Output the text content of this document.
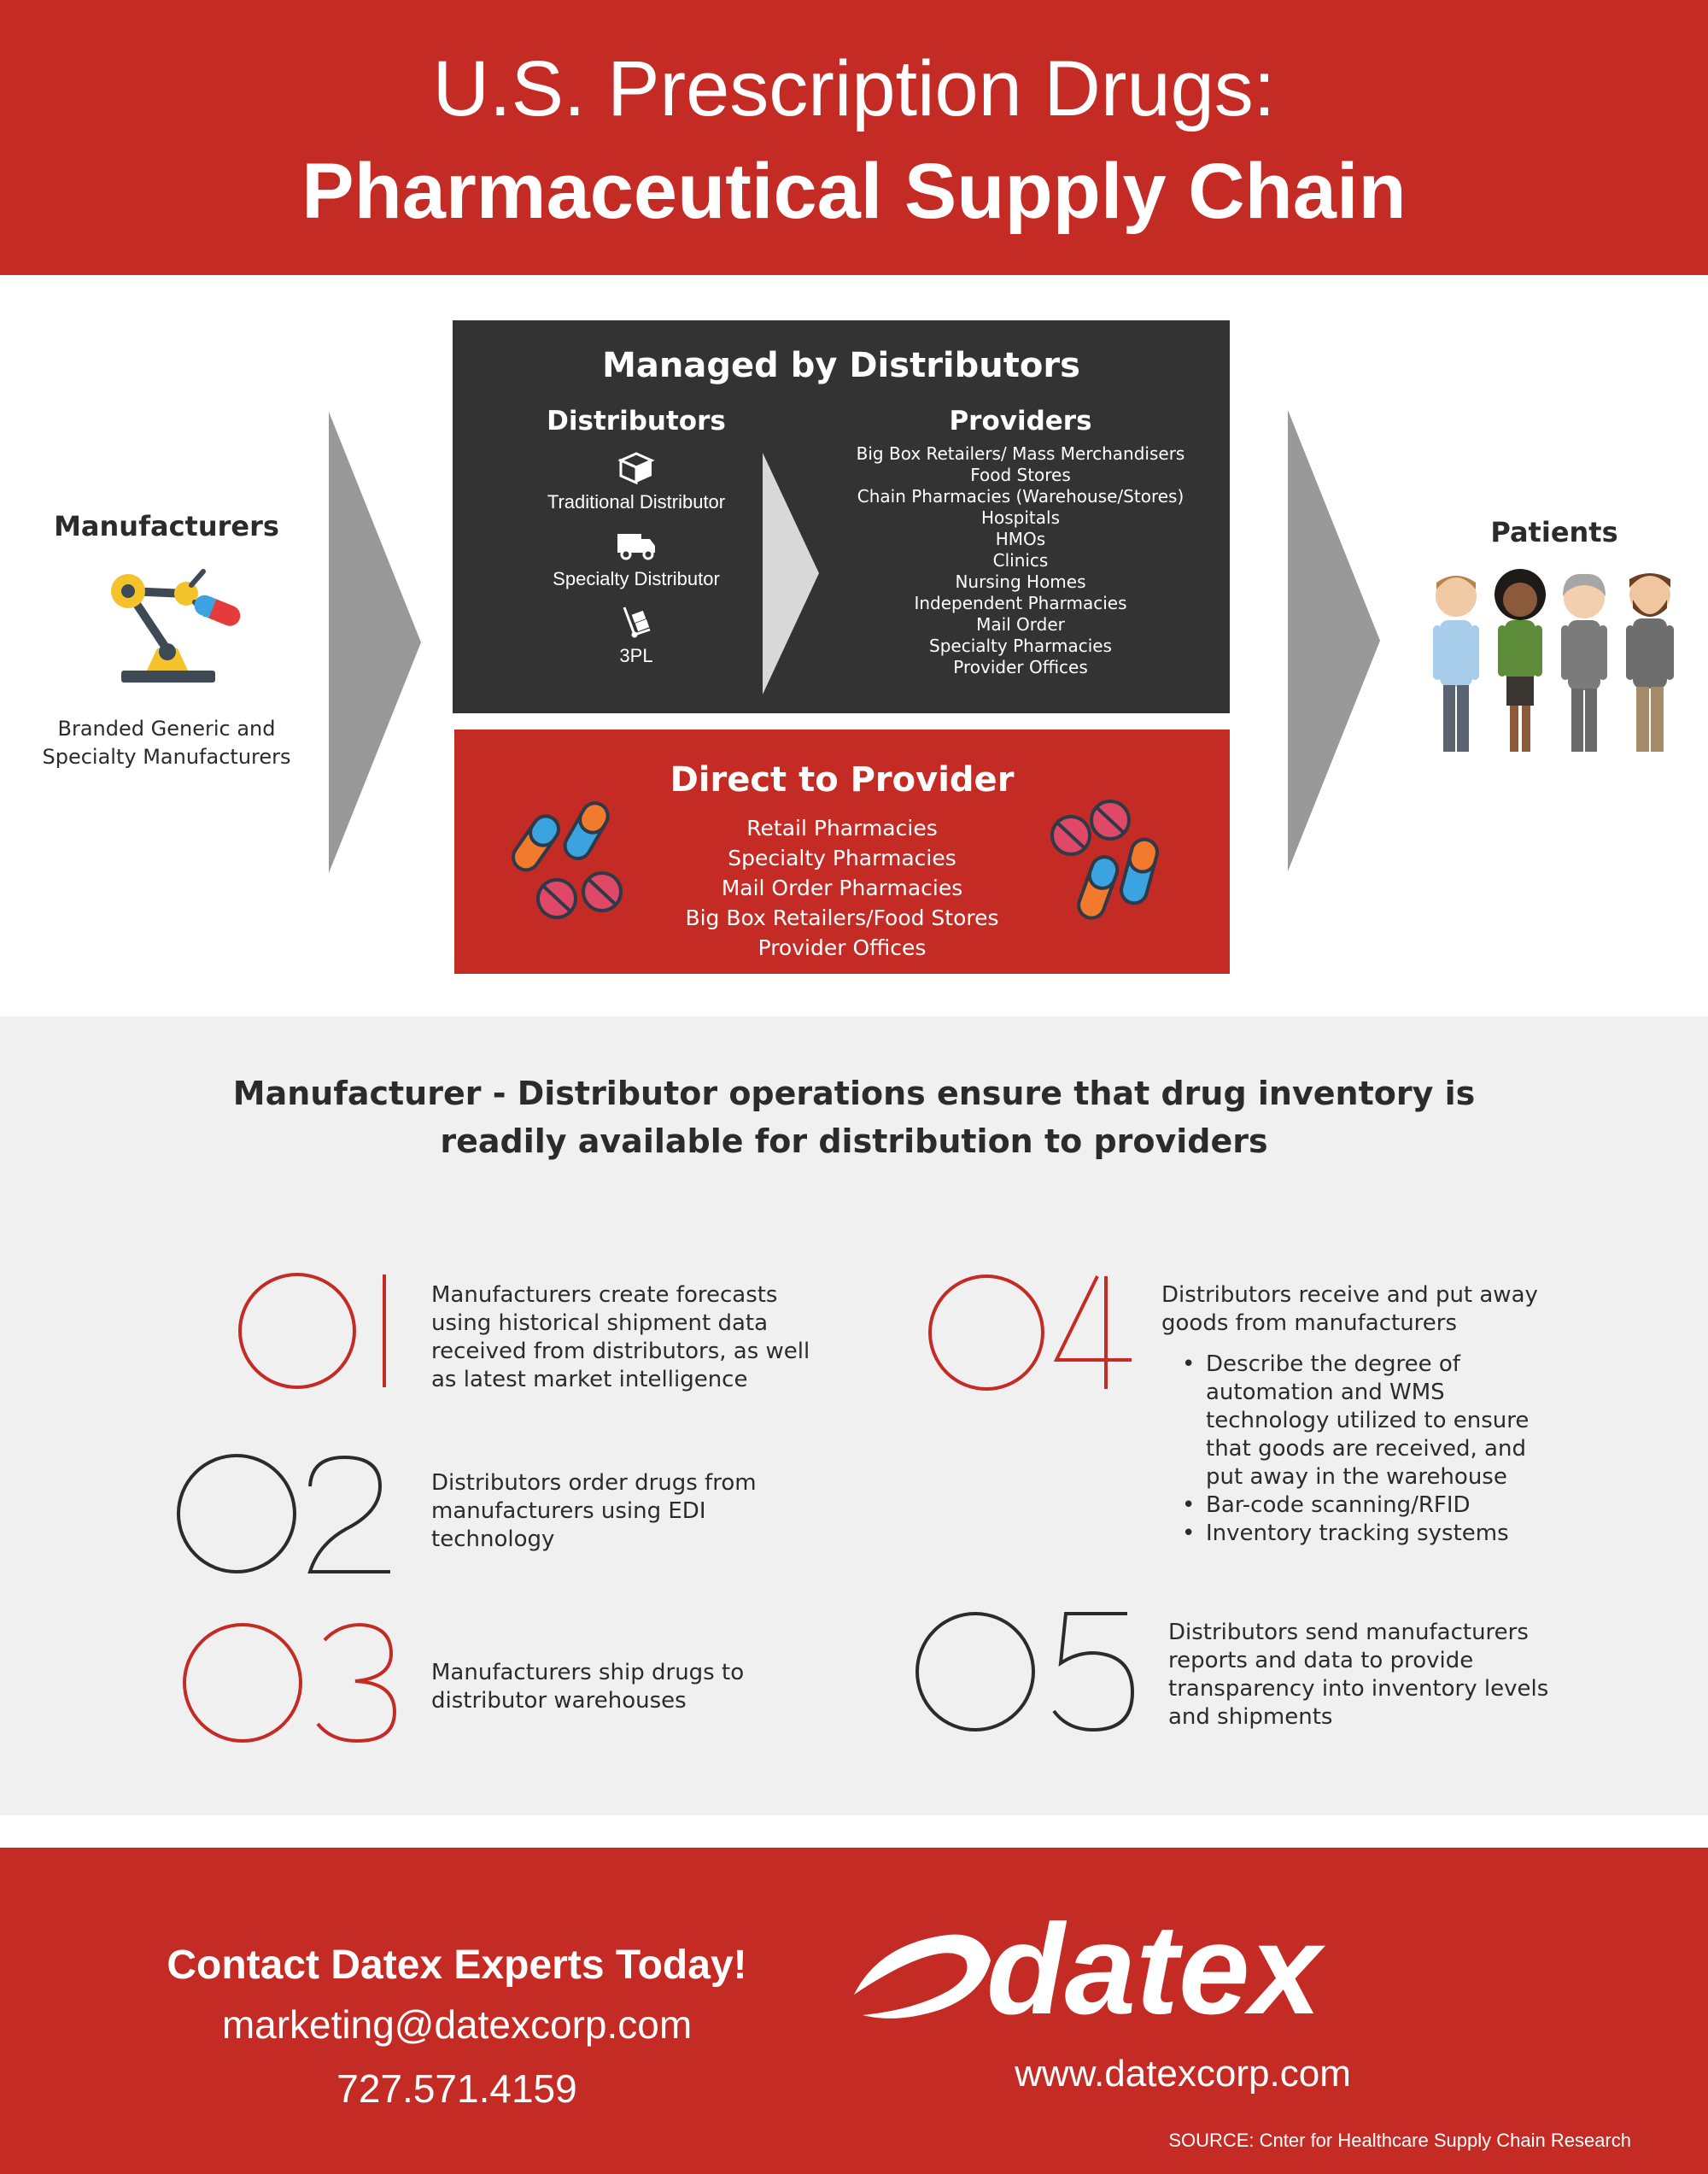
U.S. Prescription Drugs:
Pharmaceutical Supply Chain
Manufacturers
Branded Generic and Specialty Manufacturers
Managed by Distributors
Distributors
Traditional Distributor
Specialty Distributor
3PL
Providers
Big Box Retailers/ Mass Merchandisers
Food Stores
Chain Pharmacies (Warehouse/Stores)
Hospitals
HMOs
Clinics
Nursing Homes
Independent Pharmacies
Mail Order
Specialty Pharmacies
Provider Offices
Direct to Provider
Retail Pharmacies
Specialty Pharmacies
Mail Order Pharmacies
Big Box Retailers/Food Stores
Provider Offices
Patients
Manufacturer - Distributor operations ensure that drug inventory is
readily available for distribution to providers
Manufacturers create forecasts using historical shipment data received from distributors, as well as latest market intelligence
Distributors order drugs from manufacturers using EDI technology
Manufacturers ship drugs to distributor warehouses
Distributors receive and put away goods from manufacturers
• Describe the degree of automation and WMS technology utilized to ensure that goods are received, and put away in the warehouse
• Bar-code scanning/RFID
• Inventory tracking systems
Distributors send manufacturers reports and data to provide transparency into inventory levels and shipments
Contact Datex Experts Today!
marketing@datexcorp.com
727.571.4159
datex
www.datexcorp.com
SOURCE: Cnter for Healthcare Supply Chain Research
